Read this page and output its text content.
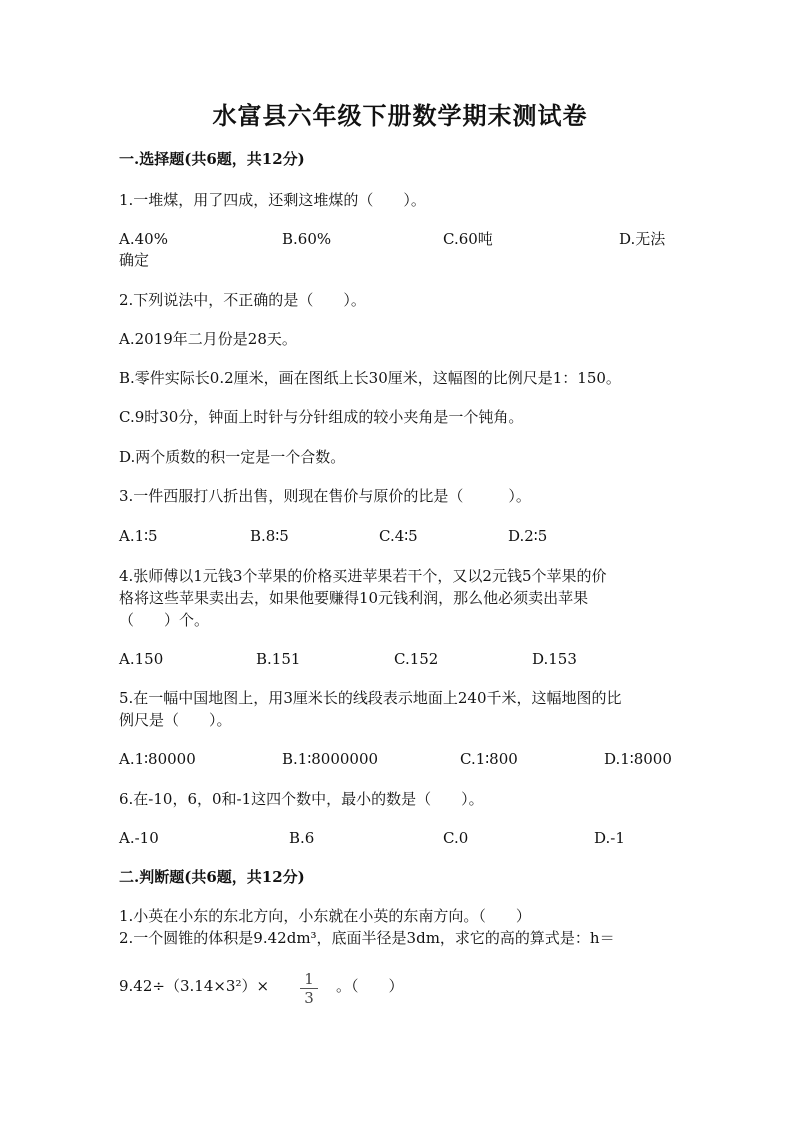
水富县六年级下册数学期末测试卷

一.选择题(共6题，共12分)

1.一堆煤，用了四成，还剩这堆煤的（　　）。

A.40%	B.60%	C.60吨	D.无法

确定

2.下列说法中，不正确的是（　　）。

A.2019年二月份是28天。

B.零件实际长0.2厘米，画在图纸上长30厘米，这幅图的比例尺是1：150。

C.9时30分，钟面上时针与分针组成的较小夹角是一个钝角。

D.两个质数的积一定是一个合数。

3.一件西服打八折出售，则现在售价与原价的比是（　　　）。

A.1∶5	B.8∶5	C.4∶5	D.2∶5

4.张师傅以1元钱3个苹果的价格买进苹果若干个，又以2元钱5个苹果的价

格将这些苹果卖出去，如果他要赚得10元钱利润，那么他必须卖出苹果

（　　）个。

A.150	B.151	C.152	D.153

5.在一幅中国地图上，用3厘米长的线段表示地面上240千米，这幅地图的比

例尺是（　　）。

A.1∶80000	B.1∶8000000	C.1∶800	D.1∶8000

6.在-10，6，0和-1这四个数中，最小的数是（　　）。

A.-10	B.6	C.0	D.-1

二.判断题(共6题，共12分)

1.小英在小东的东北方向，小东就在小英的东南方向。（　　）

2.一个圆锥的体积是9.42dm³，底面半径是3dm，求它的高的算式是：h＝

9.42÷（3.14×3²）×	1
3

。（　　）
